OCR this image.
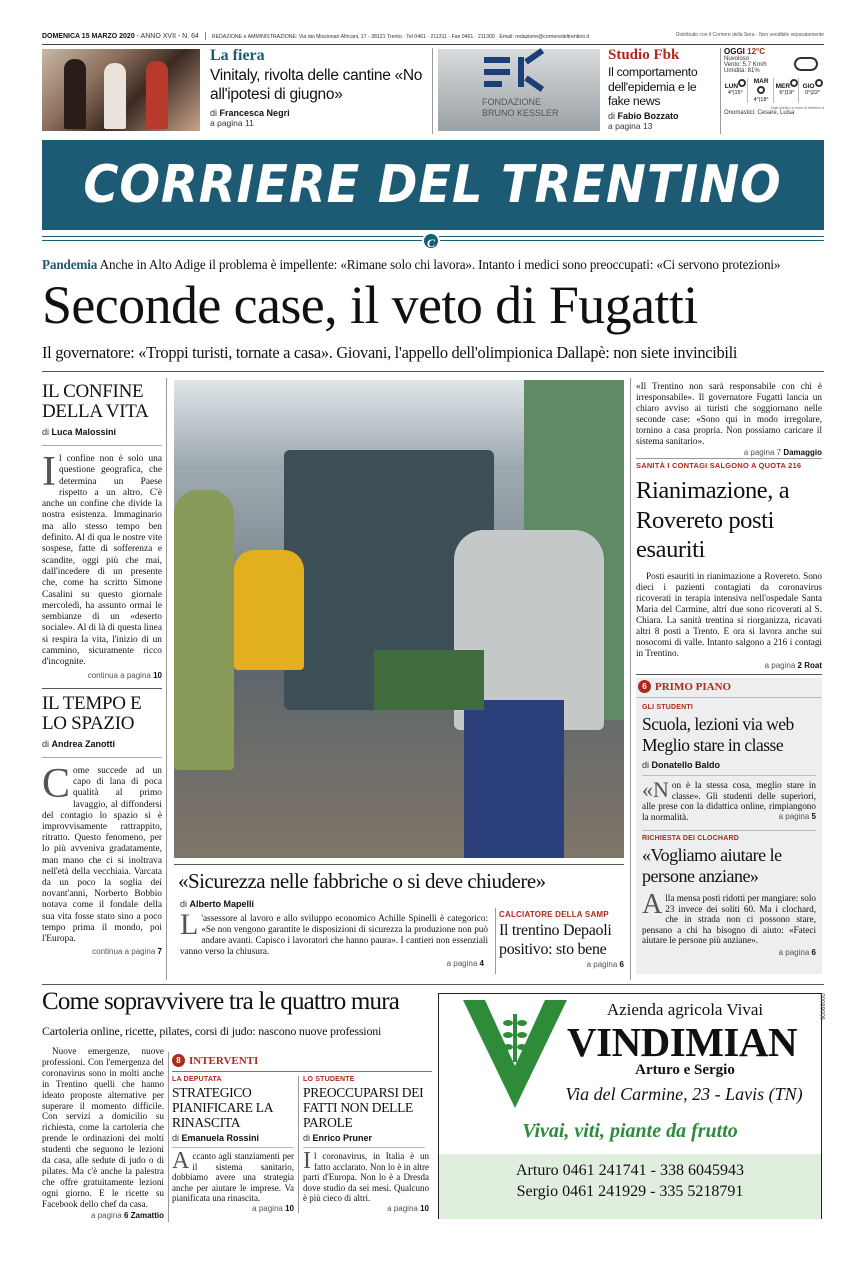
DOMENICA 15 MARZO 2020 - ANNO XVII - N. 64 REDAZIONE e AMMINISTRAZIONE: Via dei Missionari Africani, 17 - 38121 Trento · Tel 0461 · 211311 · Fax 0461 · 211309 · Email: redazione@corrieredeltrentino.it	Distribuito con il Corriere della Sera - Non vendibile separatamente
La fiera
Vinitaly, rivolta delle cantine «No all'ipotesi di giugno»
di Francesca Negri
a pagina 11
FONDAZIONE
BRUNO KESSLER
Studio Fbk
Il comportamento dell'epidemia e le fake news
di Fabio Bozzato
a pagina 13
OGGI 12°C
Nuvoloso
Vento: 5.7 Km/h
Umidità: 81%
LUN
4°|15°
MAR
4°|18°
MER
6°|19°
GIO
0°|22°
Dati meteo a cura di Ilmeteo.it
Onomastici: Cesare, Luisa
CORRIERE DEL TRENTINO
C
Pandemia Anche in Alto Adige il problema è impellente: «Rimane solo chi lavora». Intanto i medici sono preoccupati: «Ci servono protezioni»
Seconde case, il veto di Fugatti
Il governatore: «Troppi turisti, tornate a casa». Giovani, l'appello dell'olimpionica Dallapè: non siete invincibili
IL CONFINE DELLA VITA
di Luca Malossini
Il confine non è solo una questione geografica, che determina un Paese rispetto a un altro. C'è anche un confine che divide la nostra esistenza. Immaginario ma allo stesso tempo ben definito. Al di qua le nostre vite sospese, fatte di sofferenza e scandite, oggi più che mai, dall'incedere di un presente che, come ha scritto Simone Casalini su questo giornale mercoledì, ha assunto ormai le sembianze di un «deserto sociale». Al di là di questa linea si respira la vita, l'inizio di un cammino, sicuramente ricco d'incognite.
continua a pagina 10
IL TEMPO E LO SPAZIO
di Andrea Zanotti
Come succede ad un capo di lana di poca qualità al primo lavaggio, al diffondersi del contagio lo spazio si è improvvisamente rattrappito, ritratto. Questo fenomeno, per lo più avveniva gradatamente, man mano che ci si inoltrava nell'età della vecchiaia. Varcata da un poco la soglia dei novant'anni, Norberto Bobbio notava come il fondale della sua vita fosse stato sino a poco tempo prima il mondo, poi l'Europa.
continua a pagina 7
«Sicurezza nelle fabbriche o si deve chiudere»
di Alberto Mapelli
L 'assessore al lavoro e allo sviluppo economico Achille Spinelli è categorico: «Se non vengono garantite le disposizioni di sicurezza la produzione non può andare avanti. Capisco i lavoratori che hanno paura». I cantieri non essenziali vanno verso la chiusura.
a pagina 4
CALCIATORE DELLA SAMP
Il trentino Depaoli positivo: sto bene
a pagina 6
«Il Trentino non sarà responsabile con chi è irresponsabile». Il governatore Fugatti lancia un chiaro avviso ai turisti che soggiornano nelle seconde case: «Sono qui in modo irregolare, tornino a casa propria. Non possiamo caricare il sistema sanitario».
a pagina 7 Damaggio
SANITÀ I CONTAGI SALGONO A QUOTA 216
Rianimazione, a Rovereto posti esauriti
Posti esauriti in rianimazione a Rovereto. Sono dieci i pazienti contagiati da coronavirus ricoverati in terapia intensiva nell'ospedale Santa Maria del Carmine, altri due sono ricoverati al S. Chiara. La sanità trentina si riorganizza, ricavati altri 8 posti a Trento. E ora si lavora anche sui nosocomi di valle. Intanto salgono a 216 i contagi in Trentino.
a pagina 2 Roat
6 PRIMO PIANO
GLI STUDENTI
Scuola, lezioni via web Meglio stare in classe
di Donatello Baldo
«Non è la stessa cosa, meglio stare in classe». Gli studenti delle superiori, alle prese con la didattica online, rimpiangono la normalità.	a pagina 5
RICHIESTA DEI CLOCHARD
«Vogliamo aiutare le persone anziane»
Alla mensa posti ridotti per mangiare: solo 23 invece dei soliti 60. Ma i clochard, che in strada non ci possono stare, pensano a chi ha bisogno di aiuto: «Fateci aiutare le persone più anziane».
a pagina 6
Come sopravvivere tra le quattro mura
Cartoleria online, ricette, pilates, corsi di judo: nascono nuove professioni
Nuove emergenze, nuove professioni. Con l'emergenza del coronavirus sono in molti anche in Trentino quelli che hanno ideato proposte alternative per superare il momento difficile. Con servizi a domicilio su richiesta, come la cartoleria che prende le ordinazioni dei molti studenti che seguono le lezioni da casa, alle sedute di judo o di pilates. Ma c'è anche la palestra che offre gratuitamente lezioni ogni giorno. E le ricette su Facebook dello chef da casa.
a pagina 6 Zamattio
8 INTERVENTI
LA DEPUTATA
STRATEGICO PIANIFICARE LA RINASCITA
di Emanuela Rossini
Accanto agli stanziamenti per il sistema sanitario, dobbiamo avere una strategia anche per aiutare le imprese. Va pianificata una rinascita.
a pagina 10
LO STUDENTE
PREOCCUPARSI DEI FATTI NON DELLE PAROLE
di Enrico Pruner
Il coronavirus, in Italia è un fatto acclarato. Non lo è in altre parti d'Europa. Non lo è a Dresda dove studio da sei mesi. Qualcuno è più cieco di altri.
a pagina 10
Azienda agricola Vivai
VINDIMIAN
Arturo e Sergio
Via del Carmine, 23 - Lavis (TN)
00089006
Vivai, viti, piante da frutto
Arturo 0461 241741 - 338 6045943
Sergio 0461 241929 - 335 5218791
